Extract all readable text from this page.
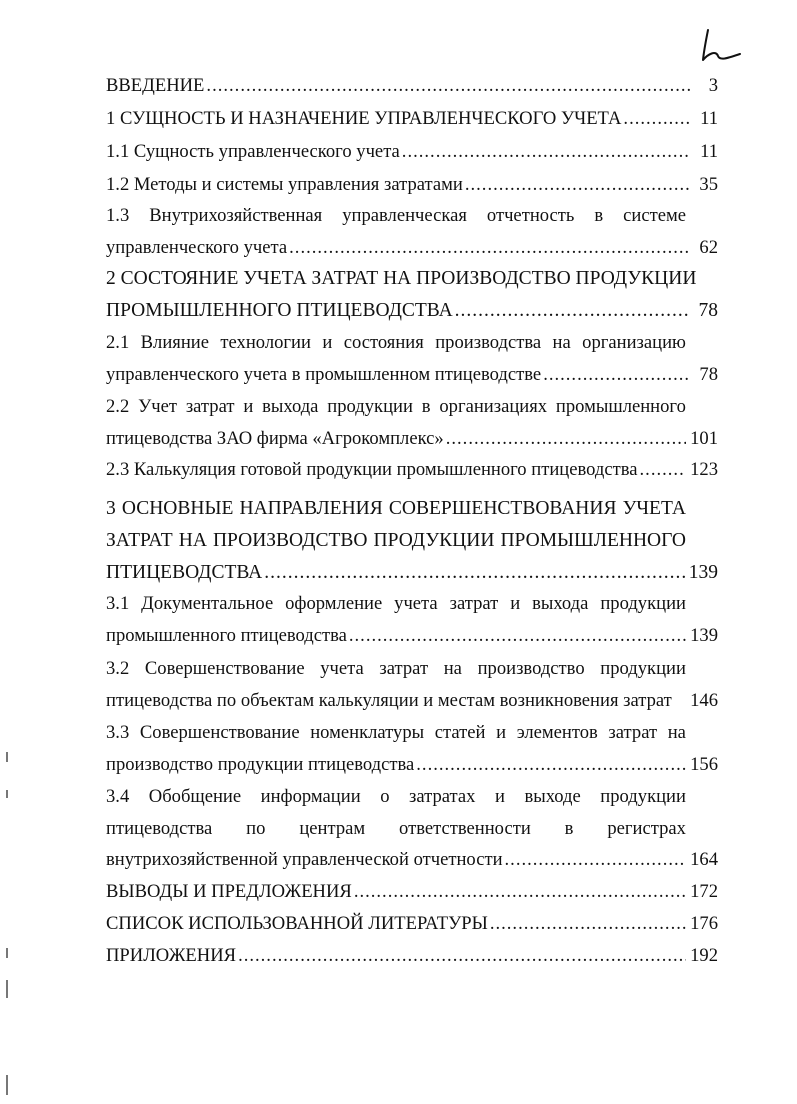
ВВЕДЕНИЕ .....	3
1 СУЩНОСТЬ И НАЗНАЧЕНИЕ УПРАВЛЕНЧЕСКОГО УЧЕТА .....	11
1.1 Сущность управленческого учета .....	11
1.2 Методы и системы управления затратами .....	35
1.3 Внутрихозяйственная управленческая отчетность в системе
управленческого учета .....	62
2 СОСТОЯНИЕ УЧЕТА ЗАТРАТ НА ПРОИЗВОДСТВО ПРОДУКЦИИ
ПРОМЫШЛЕННОГО ПТИЦЕВОДСТВА .....	78
2.1 Влияние технологии и состояния производства на организацию
управленческого учета в промышленном птицеводстве .....	78
2.2 Учет затрат и выхода продукции в организациях промышленного
птицеводства ЗАО фирма «Агрокомплекс» .....	101
2.3 Калькуляция готовой продукции промышленного птицеводства .....	123
3 ОСНОВНЫЕ НАПРАВЛЕНИЯ СОВЕРШЕНСТВОВАНИЯ УЧЕТА
ЗАТРАТ НА ПРОИЗВОДСТВО ПРОДУКЦИИ ПРОМЫШЛЕННОГО
ПТИЦЕВОДСТВА .....	139
3.1 Документальное оформление учета затрат и выхода продукции
промышленного птицеводства .....	139
3.2 Совершенствование учета затрат на производство продукции
птицеводства по объектам калькуляции и местам возникновения затрат 146
3.3 Совершенствование номенклатуры статей и элементов затрат на
производство продукции птицеводства .....	156
3.4 Обобщение информации о затратах и выходе продукции
птицеводства по центрам ответственности в регистрах
внутрихозяйственной управленческой отчетности .....	164
ВЫВОДЫ И ПРЕДЛОЖЕНИЯ .....	172
СПИСОК ИСПОЛЬЗОВАННОЙ ЛИТЕРАТУРЫ .....	176
ПРИЛОЖЕНИЯ .....	192
